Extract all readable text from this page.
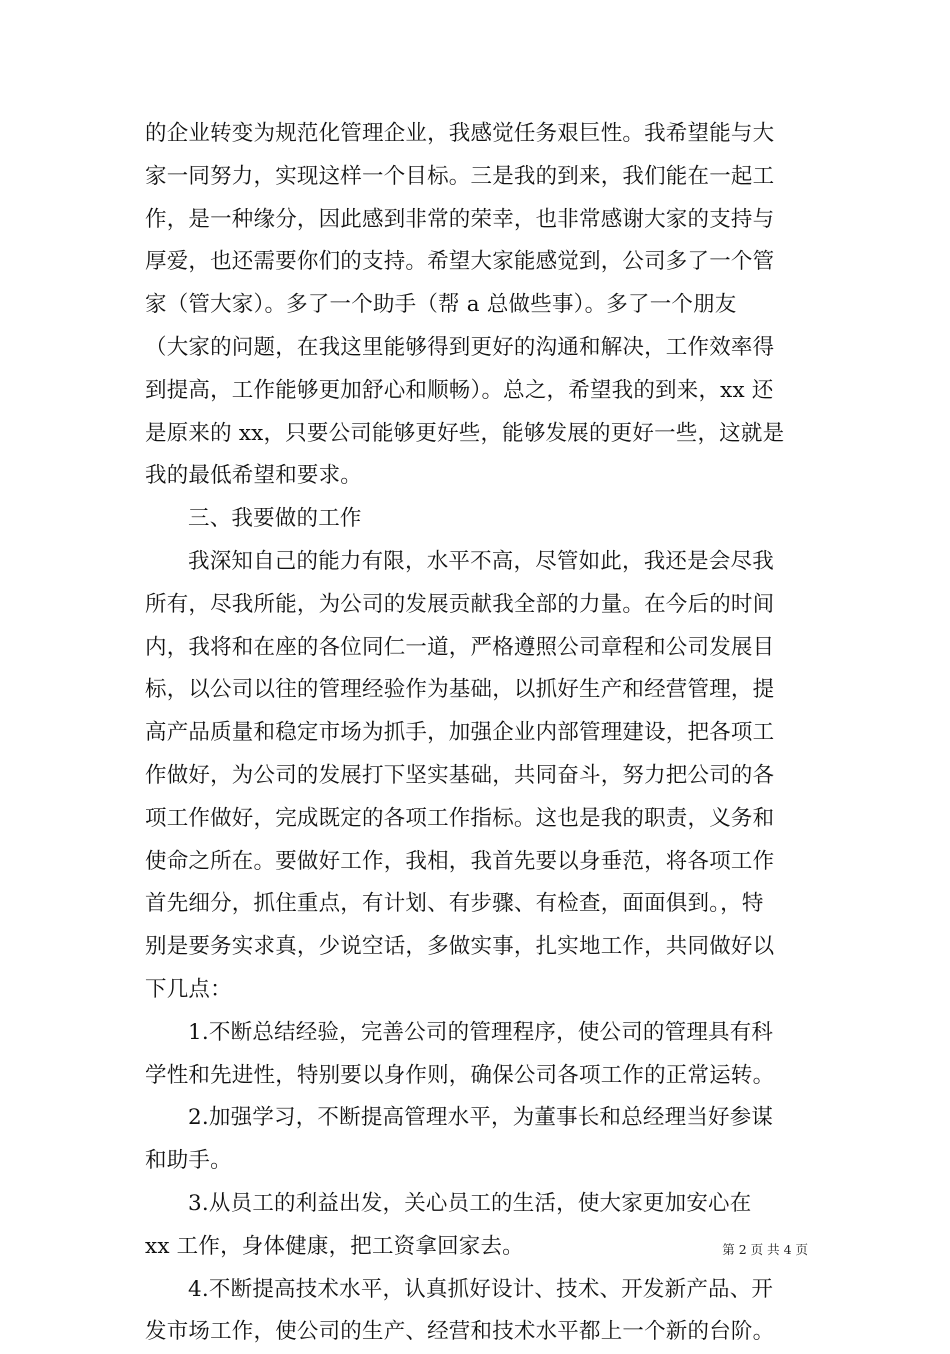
的企业转变为规范化管理企业，我感觉任务艰巨性。我希望能与大
家一同努力，实现这样一个目标。三是我的到来，我们能在一起工
作，是一种缘分，因此感到非常的荣幸，也非常感谢大家的支持与
厚爱，也还需要你们的支持。希望大家能感觉到，公司多了一个管
家（管大家）。多了一个助手（帮 a 总做些事）。多了一个朋友
（大家的问题，在我这里能够得到更好的沟通和解决，工作效率得
到提高，工作能够更加舒心和顺畅）。总之，希望我的到来，xx 还
是原来的 xx，只要公司能够更好些，能够发展的更好一些，这就是
我的最低希望和要求。
三、我要做的工作
我深知自己的能力有限，水平不高，尽管如此，我还是会尽我
所有，尽我所能，为公司的发展贡献我全部的力量。在今后的时间
内，我将和在座的各位同仁一道，严格遵照公司章程和公司发展目
标，以公司以往的管理经验作为基础，以抓好生产和经营管理，提
高产品质量和稳定市场为抓手，加强企业内部管理建设，把各项工
作做好，为公司的发展打下坚实基础，共同奋斗，努力把公司的各
项工作做好，完成既定的各项工作指标。这也是我的职责，义务和
使命之所在。要做好工作，我相，我首先要以身垂范，将各项工作
首先细分，抓住重点，有计划、有步骤、有检查，面面俱到。，特
别是要务实求真，少说空话，多做实事，扎实地工作，共同做好以
下几点：
1.不断总结经验，完善公司的管理程序，使公司的管理具有科
学性和先进性，特别要以身作则，确保公司各项工作的正常运转。
2.加强学习，不断提高管理水平，为董事长和总经理当好参谋
和助手。
3.从员工的利益出发，关心员工的生活，使大家更加安心在
xx 工作，身体健康，把工资拿回家去。
4.不断提高技术水平，认真抓好设计、技术、开发新产品、开
发市场工作，使公司的生产、经营和技术水平都上一个新的台阶。
第 2 页 共 4 页
